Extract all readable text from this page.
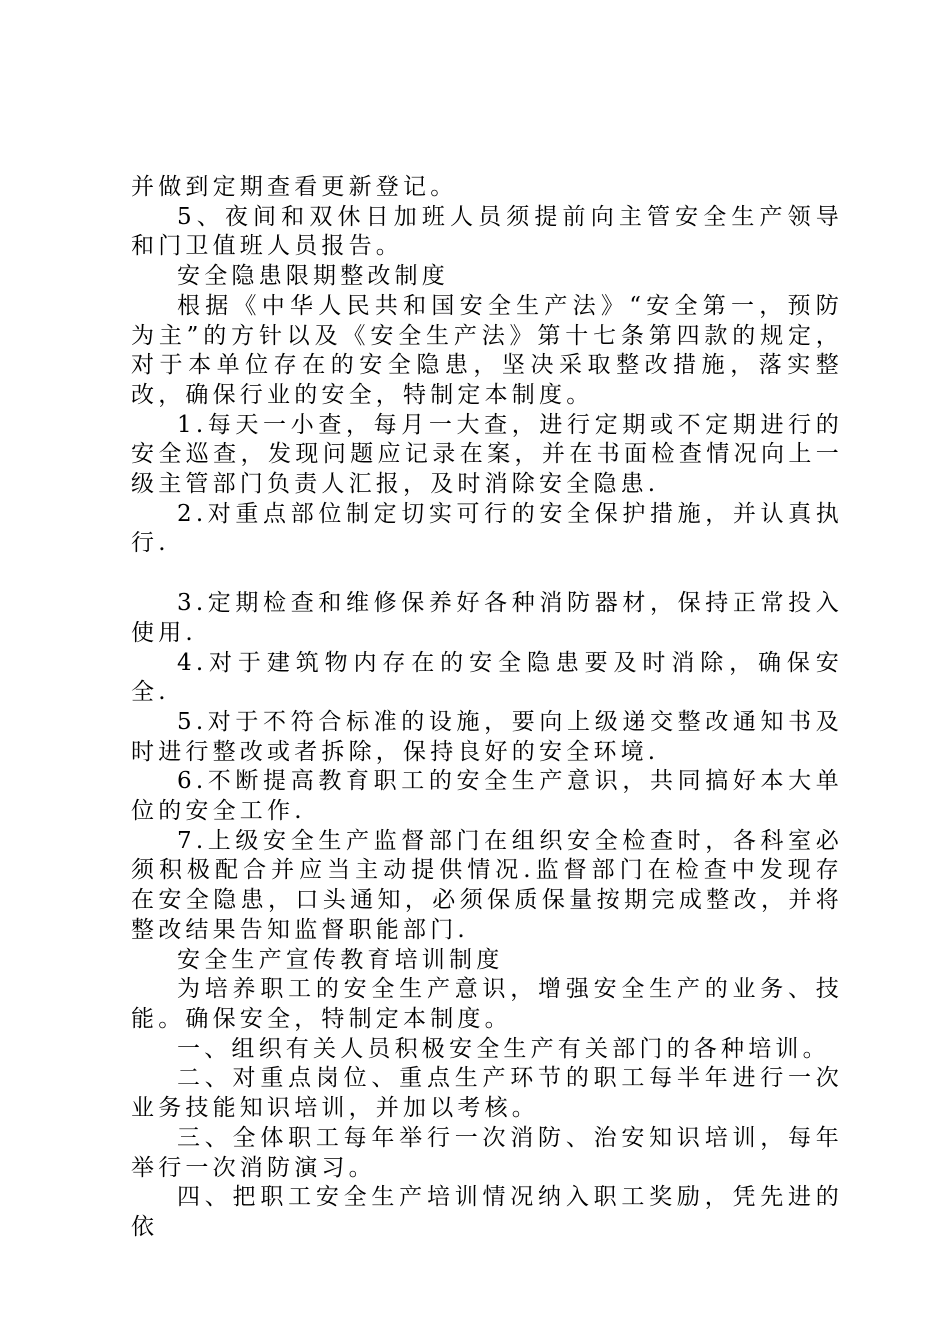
并做到定期查看更新登记。

5、夜间和双休日加班人员须提前向主管安全生产领导和门卫值班人员报告。

安全隐患限期整改制度

根据《中华人民共和国安全生产法》“安全第一，预防为主”的方针以及《安全生产法》第十七条第四款的规定，对于本单位存在的安全隐患，坚决采取整改措施，落实整改，确保行业的安全，特制定本制度。

1.每天一小查，每月一大查，进行定期或不定期进行的安全巡查，发现问题应记录在案，并在书面检查情况向上一级主管部门负责人汇报，及时消除安全隐患.

2.对重点部位制定切实可行的安全保护措施，并认真执行.

3.定期检查和维修保养好各种消防器材，保持正常投入使用.

4.对于建筑物内存在的安全隐患要及时消除，确保安全.

5.对于不符合标准的设施，要向上级递交整改通知书及时进行整改或者拆除，保持良好的安全环境.

6.不断提高教育职工的安全生产意识，共同搞好本大单位的安全工作.

7.上级安全生产监督部门在组织安全检查时，各科室必须积极配合并应当主动提供情况.监督部门在检查中发现存在安全隐患，口头通知，必须保质保量按期完成整改，并将整改结果告知监督职能部门.

安全生产宣传教育培训制度

为培养职工的安全生产意识，增强安全生产的业务、技能。确保安全，特制定本制度。

一、组织有关人员积极安全生产有关部门的各种培训。

二、对重点岗位、重点生产环节的职工每半年进行一次业务技能知识培训，并加以考核。

三、全体职工每年举行一次消防、治安知识培训，每年举行一次消防演习。

四、把职工安全生产培训情况纳入职工奖励，凭先进的依
